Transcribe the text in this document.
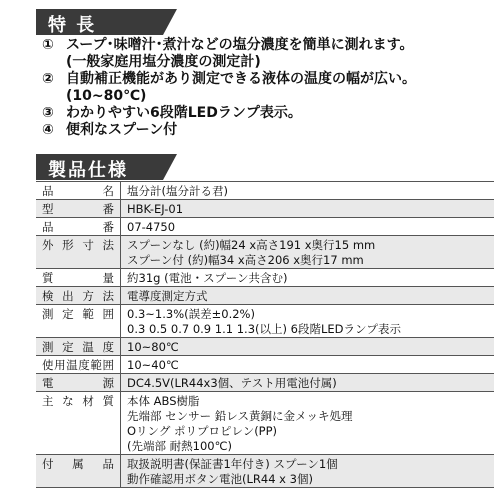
特 長
① スープ･味噌汁･煮汁などの塩分濃度を簡単に測れます。
(一般家庭用塩分濃度の測定計)
② 自動補正機能があり測定できる液体の温度の幅が広い。
(10~80℃)
③ わかりやすい6段階LEDランプ表示。
④ 便利なスプーン付
製品仕様
品名	塩分計(塩分計る君)
型番	HBK-EJ-01
品番	07-4750
外形寸法	スプーンなし (約)幅24 x高さ191 x奥行15 mm
スプーン付 (約)幅34 x高さ206 x奥行17 mm
質量	約31g (電池・スプーン共含む)
検出方法	電導度測定方式
測定範囲	0.3~1.3%(誤差±0.2%)
0.3 0.5 0.7 0.9 1.1 1.3(以上) 6段階LEDランプ表示
測定温度	10~80℃
使用温度範囲	10~40℃
電源	DC4.5V(LR44x3個、テスト用電池付属)
主な材質	本体 ABS樹脂
先端部 センサー 鉛レス黄銅に金メッキ処理
Oリング ポリプロピレン(PP)
(先端部 耐熱100℃)
付属品	取扱説明書(保証書1年付き) スプーン1個
動作確認用ボタン電池(LR44 x 3個)
